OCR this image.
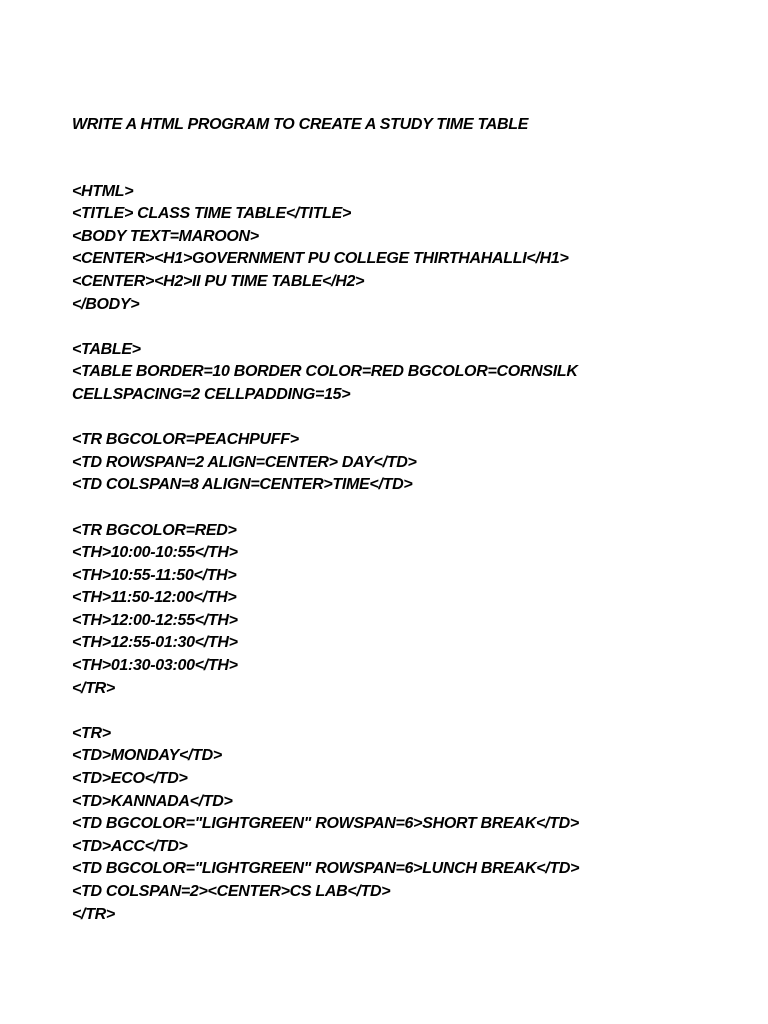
WRITE A HTML PROGRAM TO CREATE A STUDY TIME TABLE
<HTML>
<TITLE> CLASS TIME TABLE</TITLE>
<BODY TEXT=MAROON>
<CENTER><H1>GOVERNMENT PU COLLEGE THIRTHAHALLI</H1>
<CENTER><H2>II PU TIME TABLE</H2>
</BODY>
<TABLE>
<TABLE BORDER=10 BORDER COLOR=RED BGCOLOR=CORNSILK
CELLSPACING=2 CELLPADDING=15>
<TR BGCOLOR=PEACHPUFF>
<TD ROWSPAN=2 ALIGN=CENTER> DAY</TD>
<TD COLSPAN=8 ALIGN=CENTER>TIME</TD>
<TR BGCOLOR=RED>
<TH>10:00-10:55</TH>
<TH>10:55-11:50</TH>
<TH>11:50-12:00</TH>
<TH>12:00-12:55</TH>
<TH>12:55-01:30</TH>
<TH>01:30-03:00</TH>
</TR>
<TR>
<TD>MONDAY</TD>
<TD>ECO</TD>
<TD>KANNADA</TD>
<TD BGCOLOR="LIGHTGREEN" ROWSPAN=6>SHORT BREAK</TD>
<TD>ACC</TD>
<TD BGCOLOR="LIGHTGREEN" ROWSPAN=6>LUNCH BREAK</TD>
<TD COLSPAN=2><CENTER>CS LAB</TD>
</TR>
